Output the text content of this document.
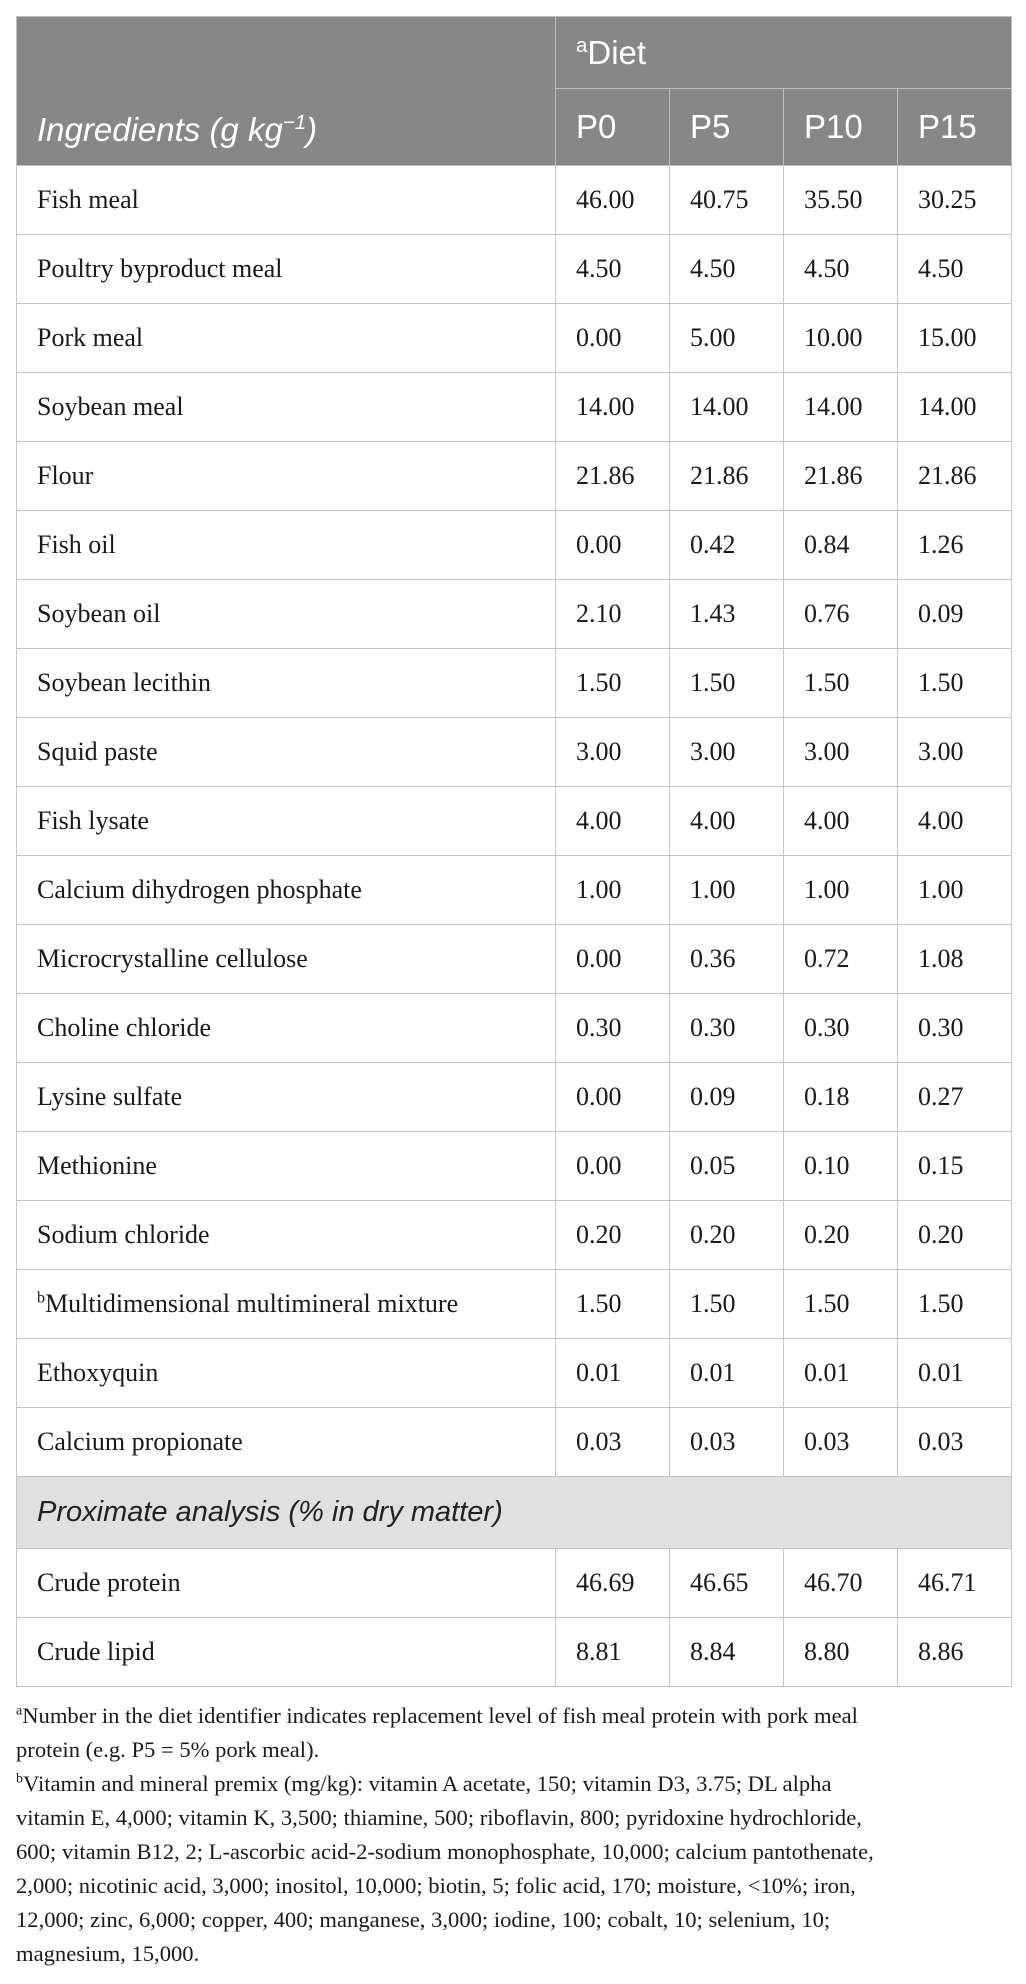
Ingredients (g $kg^{-1}$)	$^a$Diet			
	P0	P5	P10	P15
Fish meal	46.00	40.75	35.50	30.25
Poultry byproduct meal	4.50	4.50	4.50	4.50
Pork meal	0.00	5.00	10.00	15.00
Soybean meal	14.00	14.00	14.00	14.00
Flour	21.86	21.86	21.86	21.86
Fish oil	0.00	0.42	0.84	1.26
Soybean oil	2.10	1.43	0.76	0.09
Soybean lecithin	1.50	1.50	1.50	1.50
Squid paste	3.00	3.00	3.00	3.00
Fish lysate	4.00	4.00	4.00	4.00
Calcium dihydrogen phosphate	1.00	1.00	1.00	1.00
Microcrystalline cellulose	0.00	0.36	0.72	1.08
Choline chloride	0.30	0.30	0.30	0.30
Lysine sulfate	0.00	0.09	0.18	0.27
Methionine	0.00	0.05	0.10	0.15
Sodium chloride	0.20	0.20	0.20	0.20
$^b$Multidimensional multimineral mixture	1.50	1.50	1.50	1.50
Ethoxyquin	0.01	0.01	0.01	0.01
Calcium propionate	0.03	0.03	0.03	0.03
Proximate analysis (% in dry matter)				
Crude protein	46.69	46.65	46.70	46.71
Crude lipid	8.81	8.84	8.80	8.86
$^a$Number in the diet identifier indicates replacement level of fish meal protein with pork meal
protein (e.g. P5 = 5% pork meal).
$^b$Vitamin and mineral premix (mg/kg): vitamin A acetate, 150; vitamin D3, 3.75; DL alpha
vitamin E, 4,000; vitamin K, 3,500; thiamine, 500; riboflavin, 800; pyridoxine hydrochloride,
600; vitamin B12, 2; L-ascorbic acid-2-sodium monophosphate, 10,000; calcium pantothenate,
2,000; nicotinic acid, 3,000; inositol, 10,000; biotin, 5; folic acid, 170; moisture, <10%; iron,
12,000; zinc, 6,000; copper, 400; manganese, 3,000; iodine, 100; cobalt, 10; selenium, 10;
magnesium, 15,000.
